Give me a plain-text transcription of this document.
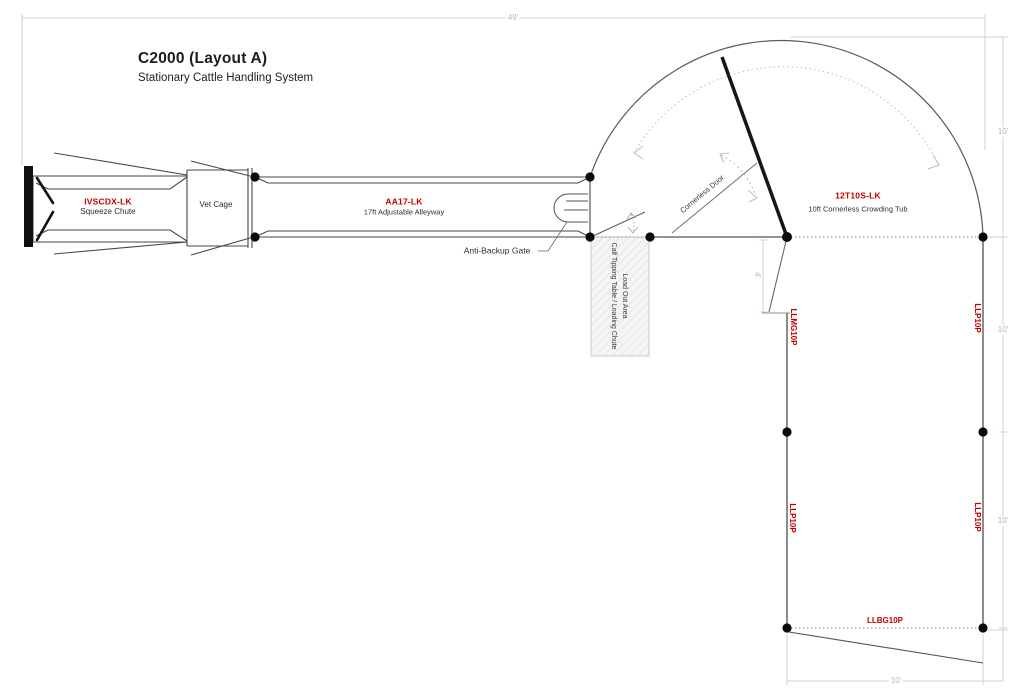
C2000 (Layout A)
Stationary Cattle Handling System
IVSCDX-LK
Squeeze Chute
Vet Cage	AA17-LK
17ft Adjustable Alleyway
Anti-Backup Gate
Load Out Area
Calf Tipping Table / Loading Chute
Cornerless Door	12T10S-LK
10ft Cornerless Crowding Tub
LLMG10P	LLP10P
LLP10P	LLP10P
LLBG10P
49'
10'
10'
10'
10'
4'
